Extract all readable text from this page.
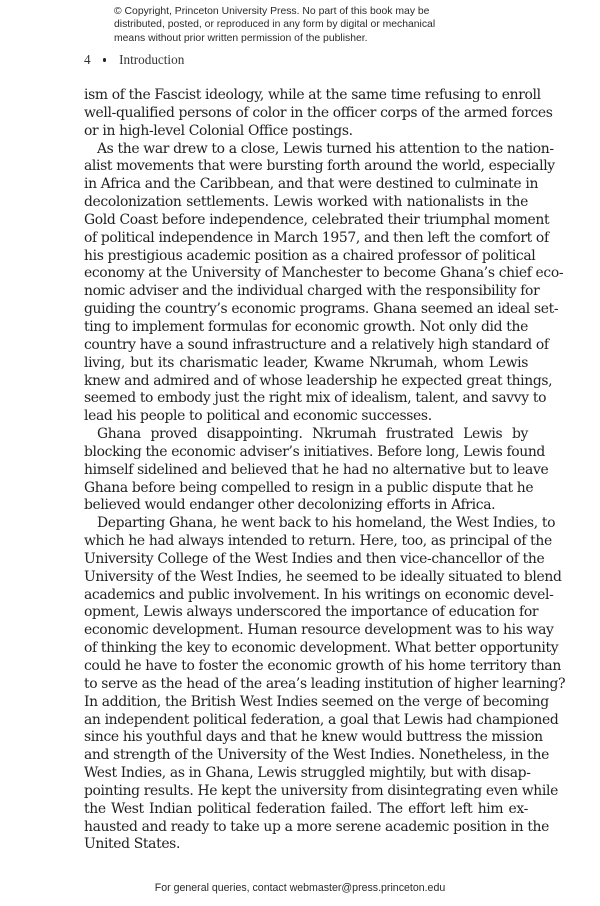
© Copyright, Princeton University Press. No part of this book may be
distributed, posted, or reproduced in any form by digital or mechanical
means without prior written permission of the publisher.
4 Introduction
ism of the Fascist ideology, while at the same time refusing to enroll
well-qualified persons of color in the officer corps of the armed forces
or in high-level Colonial Office postings.
As the war drew to a close, Lewis turned his attention to the nation-
alist movements that were bursting forth around the world, especially
in Africa and the Caribbean, and that were destined to culminate in
decolonization settlements. Lewis worked with nationalists in the
Gold Coast before independence, celebrated their triumphal moment
of political independence in March 1957, and then left the comfort of
his prestigious academic position as a chaired professor of political
economy at the University of Manchester to become Ghana’s chief eco-
nomic adviser and the individual charged with the responsibility for
guiding the country’s economic programs. Ghana seemed an ideal set-
ting to implement formulas for economic growth. Not only did the
country have a sound infrastructure and a relatively high standard of
living, but its charismatic leader, Kwame Nkrumah, whom Lewis
knew and admired and of whose leadership he expected great things,
seemed to embody just the right mix of idealism, talent, and savvy to
lead his people to political and economic successes.
Ghana proved disappointing. Nkrumah frustrated Lewis by
blocking the economic adviser’s initiatives. Before long, Lewis found
himself sidelined and believed that he had no alternative but to leave
Ghana before being compelled to resign in a public dispute that he
believed would endanger other decolonizing efforts in Africa.
Departing Ghana, he went back to his homeland, the West Indies, to
which he had always intended to return. Here, too, as principal of the
University College of the West Indies and then vice-chancellor of the
University of the West Indies, he seemed to be ideally situated to blend
academics and public involvement. In his writings on economic devel-
opment, Lewis always underscored the importance of education for
economic development. Human resource development was to his way
of thinking the key to economic development. What better opportunity
could he have to foster the economic growth of his home territory than
to serve as the head of the area’s leading institution of higher learning?
In addition, the British West Indies seemed on the verge of becoming
an independent political federation, a goal that Lewis had championed
since his youthful days and that he knew would buttress the mission
and strength of the University of the West Indies. Nonetheless, in the
West Indies, as in Ghana, Lewis struggled mightily, but with disap-
pointing results. He kept the university from disintegrating even while
the West Indian political federation failed. The effort left him ex-
hausted and ready to take up a more serene academic position in the
United States.
For general queries, contact webmaster@press.princeton.edu
